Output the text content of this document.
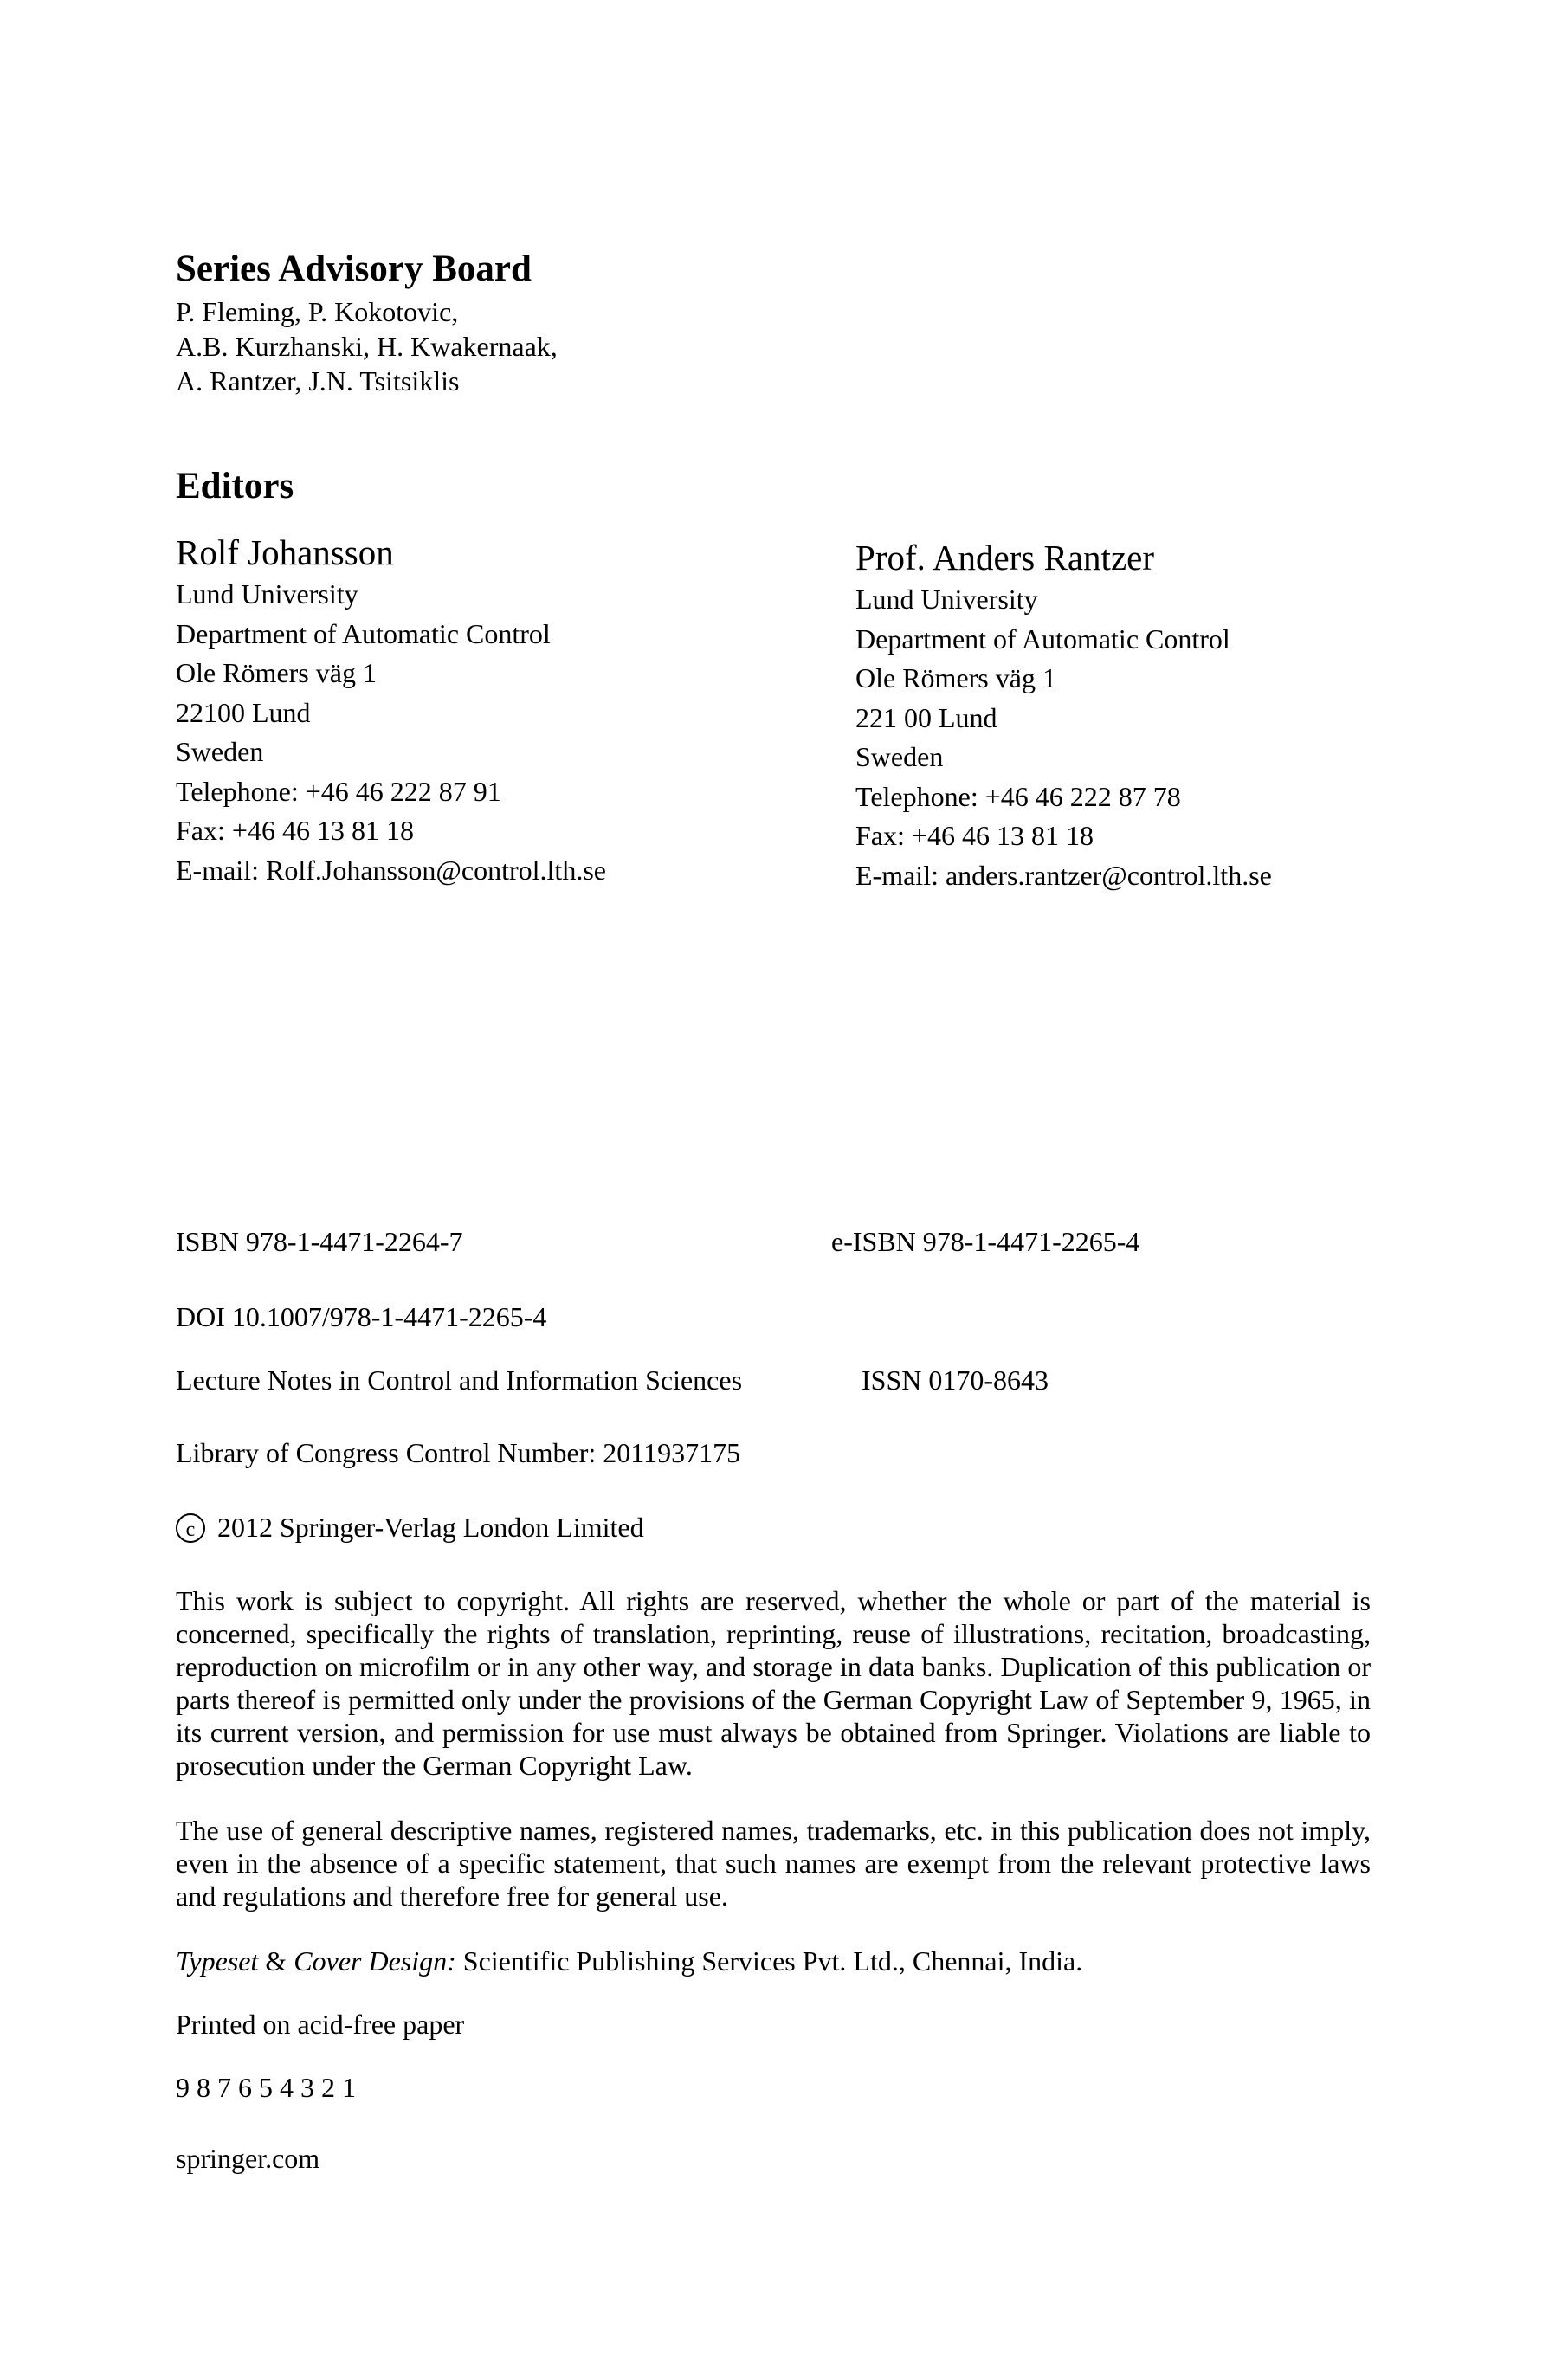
Series Advisory Board
P. Fleming, P. Kokotovic,
A.B. Kurzhanski, H. Kwakernaak,
A. Rantzer, J.N. Tsitsiklis
Editors
Rolf Johansson
Lund University
Department of Automatic Control
Ole Römers väg 1
22100 Lund
Sweden
Telephone: +46 46 222 87 91
Fax: +46 46 13 81 18
E-mail: Rolf.Johansson@control.lth.se
Prof. Anders Rantzer
Lund University
Department of Automatic Control
Ole Römers väg 1
221 00 Lund
Sweden
Telephone: +46 46 222 87 78
Fax: +46 46 13 81 18
E-mail: anders.rantzer@control.lth.se
ISBN 978-1-4471-2264-7	e-ISBN 978-1-4471-2265-4
DOI 10.1007/978-1-4471-2265-4
Lecture Notes in Control and Information Sciences	ISSN 0170-8643
Library of Congress Control Number: 2011937175
c 2012 Springer-Verlag London Limited
This work is subject to copyright. All rights are reserved, whether the whole or part of the material is concerned, specifically the rights of translation, reprinting, reuse of illustrations, recitation, broadcasting, reproduction on microfilm or in any other way, and storage in data banks. Duplication of this publication or parts thereof is permitted only under the provisions of the German Copyright Law of September 9, 1965, in its current version, and permission for use must always be obtained from Springer. Violations are liable to prosecution under the German Copyright Law.
The use of general descriptive names, registered names, trademarks, etc. in this publication does not imply, even in the absence of a specific statement, that such names are exempt from the relevant protective laws and regulations and therefore free for general use.
Typeset & Cover Design: Scientific Publishing Services Pvt. Ltd., Chennai, India.
Printed on acid-free paper
9 8 7 6 5 4 3 2 1
springer.com
